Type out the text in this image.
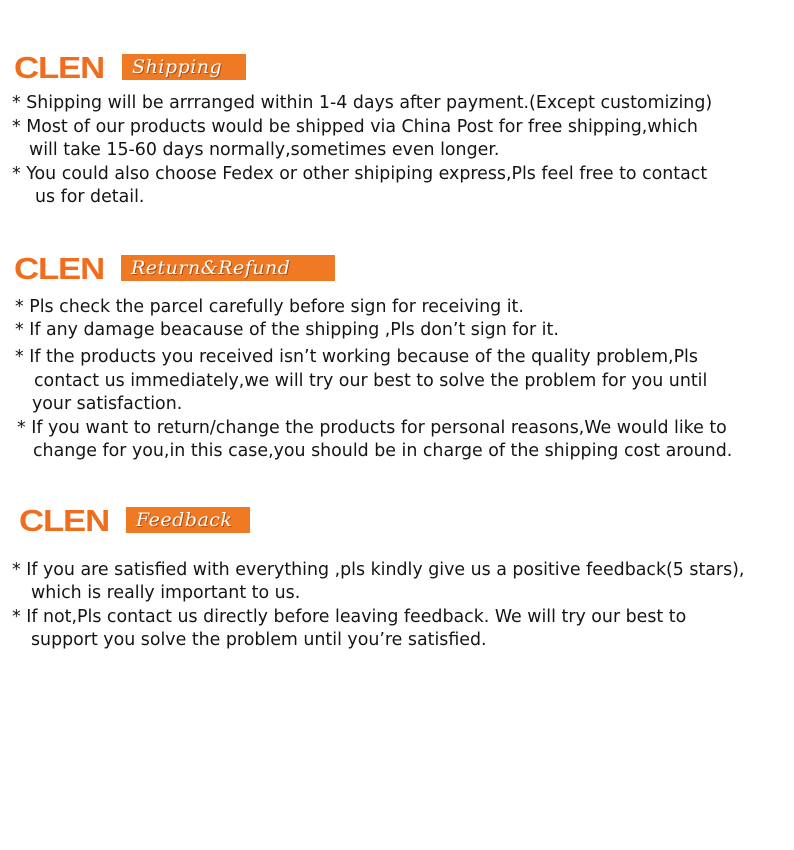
CLEN	Shipping
* Shipping will be arrranged within 1-4 days after payment.(Except customizing)
* Most of our products would be shipped via China Post for free shipping,which
will take 15-60 days normally,sometimes even longer.
* You could also choose Fedex or other shipiping express,Pls feel free to contact
us for detail.
CLEN	Return&Refund
* Pls check the parcel carefully before sign for receiving it.
* If any damage beacause of the shipping ,Pls don’t sign for it.
* If the products you received isn’t working because of the quality problem,Pls
contact us immediately,we will try our best to solve the problem for you until
your satisfaction.
* If you want to return/change the products for personal reasons,We would like to
change for you,in this case,you should be in charge of the shipping cost around.
CLEN	Feedback
* If you are satisfied with everything ,pls kindly give us a positive feedback(5 stars),
which is really important to us.
* If not,Pls contact us directly before leaving feedback. We will try our best to
support you solve the problem until you’re satisfied.
